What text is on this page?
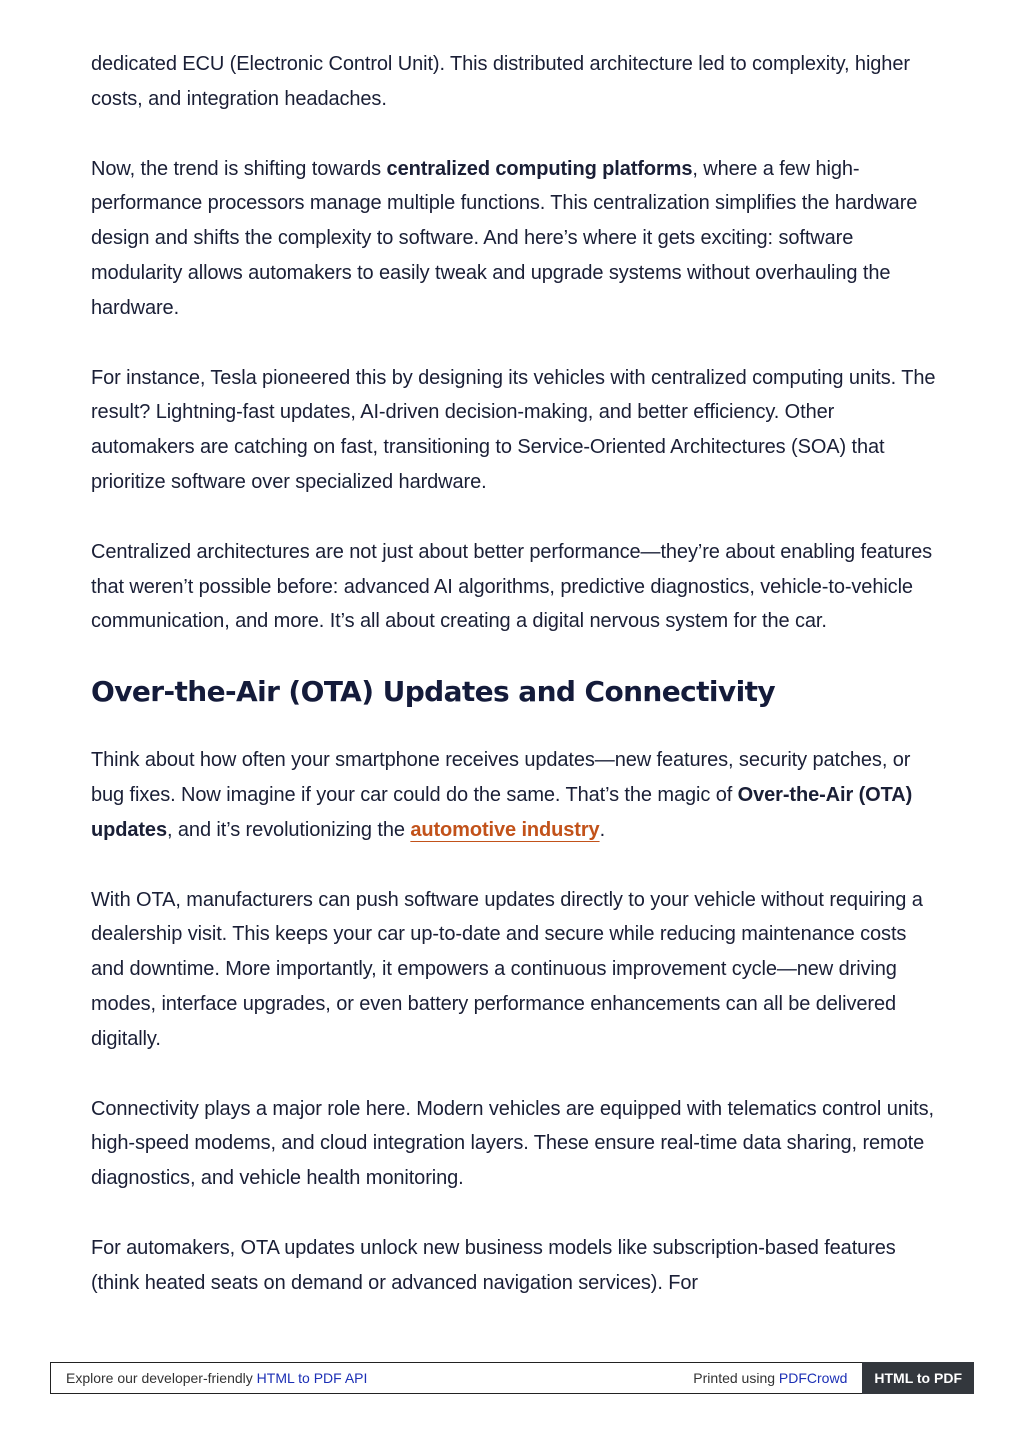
dedicated ECU (Electronic Control Unit). This distributed architecture led to complexity, higher costs, and integration headaches.

Now, the trend is shifting towards centralized computing platforms, where a few high-performance processors manage multiple functions. This centralization simplifies the hardware design and shifts the complexity to software. And here’s where it gets exciting: software modularity allows automakers to easily tweak and upgrade systems without overhauling the hardware.

For instance, Tesla pioneered this by designing its vehicles with centralized computing units. The result? Lightning-fast updates, AI-driven decision-making, and better efficiency. Other automakers are catching on fast, transitioning to Service-Oriented Architectures (SOA) that prioritize software over specialized hardware.

Centralized architectures are not just about better performance—they’re about enabling features that weren’t possible before: advanced AI algorithms, predictive diagnostics, vehicle-to-vehicle communication, and more. It’s all about creating a digital nervous system for the car.

Over-the-Air (OTA) Updates and Connectivity

Think about how often your smartphone receives updates—new features, security patches, or bug fixes. Now imagine if your car could do the same. That’s the magic of Over-the-Air (OTA) updates, and it’s revolutionizing the automotive industry.

With OTA, manufacturers can push software updates directly to your vehicle without requiring a dealership visit. This keeps your car up-to-date and secure while reducing maintenance costs and downtime. More importantly, it empowers a continuous improvement cycle—new driving modes, interface upgrades, or even battery performance enhancements can all be delivered digitally.

Connectivity plays a major role here. Modern vehicles are equipped with telematics control units, high-speed modems, and cloud integration layers. These ensure real-time data sharing, remote diagnostics, and vehicle health monitoring.

For automakers, OTA updates unlock new business models like subscription-based features (think heated seats on demand or advanced navigation services). For

Explore our developer-friendly HTML to PDF API	Printed using PDFCrowd	HTML to PDF
